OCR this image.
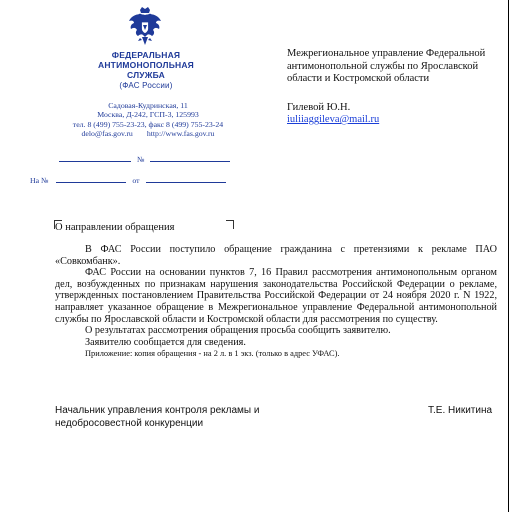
ФЕДЕРАЛЬНАЯ
АНТИМОНОПОЛЬНАЯ
СЛУЖБА
(ФАС России)
Садовая-Кудринская, 11
Москва, Д-242, ГСП-3, 125993
тел. 8 (499) 755-23-23, факс 8 (499) 755-23-24
delo@fas.gov.ru http://www.fas.gov.ru
№
На №	от
Межрегиональное управление Федеральной антимонопольной службы по Ярославской области и Костромской области
Гилевой Ю.Н.
iuliiaggileva@mail.ru
О направлении обращения

В ФАС России поступило обращение гражданина с претензиями к рекламе ПАО «Совкомбанк».

ФАС России на основании пунктов 7, 16 Правил рассмотрения антимонопольным органом дел, возбужденных по признакам нарушения законодательства Российской Федерации о рекламе, утвержденных постановлением Правительства Российской Федерации от 24 ноября 2020 г. N 1922, направляет указанное обращение в Межрегиональное управление Федеральной антимонопольной службы по Ярославской области и Костромской области для рассмотрения по существу.

О результатах рассмотрения обращения просьба сообщить заявителю.

Заявителю сообщается для сведения.

Приложение: копия обращения - на 2 л. в 1 экз. (только в адрес УФАС).

Начальник управления контроля рекламы и
недобросовестной конкуренции
Т.Е. Никитина
